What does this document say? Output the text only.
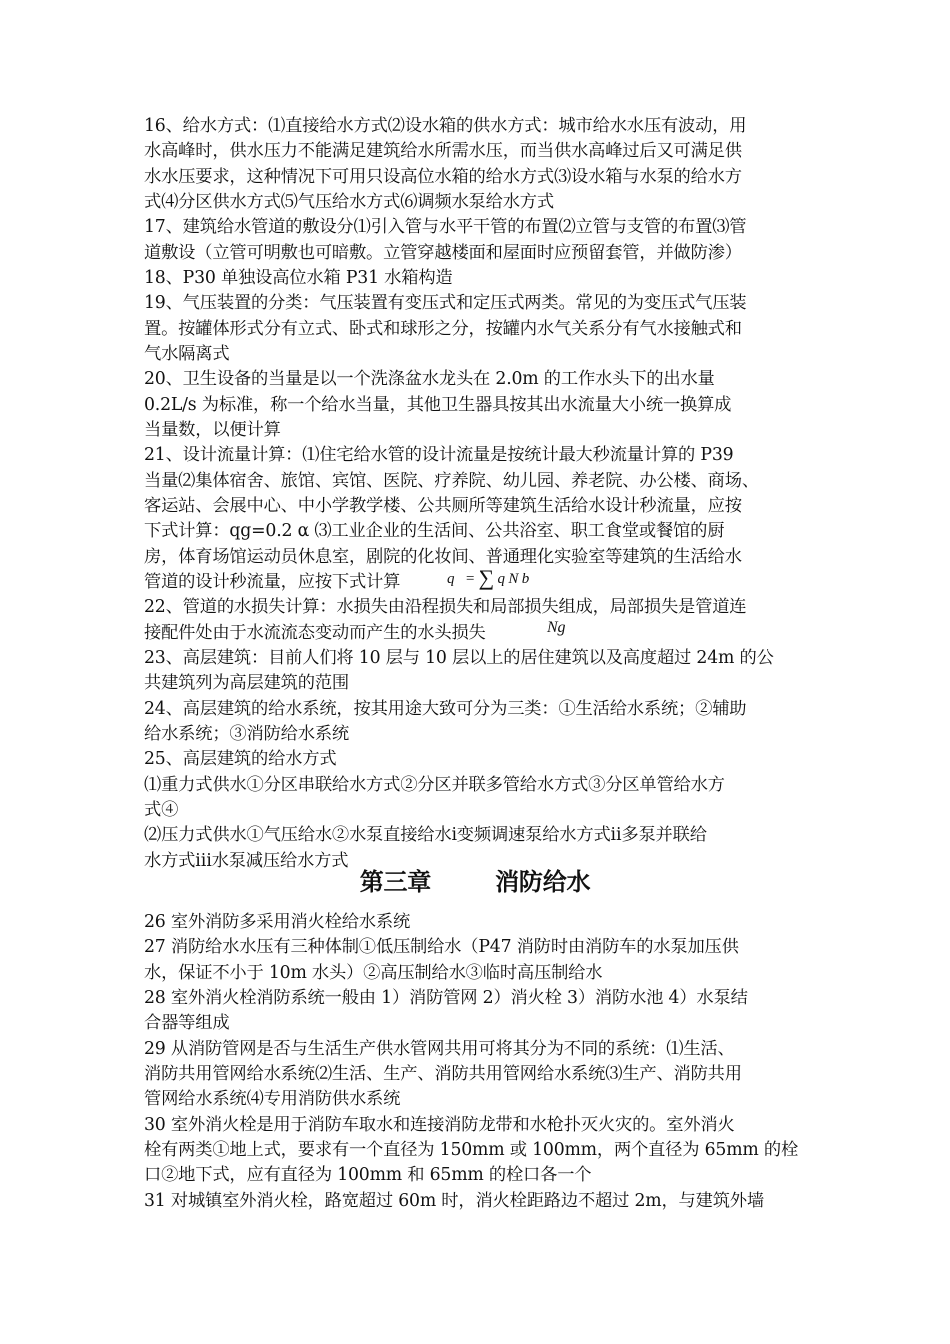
16、给水方式：⑴直接给水方式⑵设水箱的供水方式：城市给水水压有波动，用
水高峰时，供水压力不能满足建筑给水所需水压，而当供水高峰过后又可满足供
水水压要求，这种情况下可用只设高位水箱的给水方式⑶设水箱与水泵的给水方
式⑷分区供水方式⑸气压给水方式⑹调频水泵给水方式
17、建筑给水管道的敷设分⑴引入管与水平干管的布置⑵立管与支管的布置⑶管
道敷设（立管可明敷也可暗敷。立管穿越楼面和屋面时应预留套管，并做防渗）
18、P30 单独设高位水箱 P31 水箱构造
19、气压装置的分类：气压装置有变压式和定压式两类。常见的为变压式气压装
置。按罐体形式分有立式、卧式和球形之分，按罐内水气关系分有气水接触式和
气水隔离式
20、卫生设备的当量是以一个洗涤盆水龙头在 2.0m 的工作水头下的出水量
0.2L/s 为标准，称一个给水当量，其他卫生器具按其出水流量大小统一换算成
当量数，以便计算
21、设计流量计算：⑴住宅给水管的设计流量是按统计最大秒流量计算的 P39
当量⑵集体宿舍、旅馆、宾馆、医院、疗养院、幼儿园、养老院、办公楼、商场、
客运站、会展中心、中小学教学楼、公共厕所等建筑生活给水设计秒流量，应按
下式计算：qg=0.2 α ⑶工业企业的生活间、公共浴室、职工食堂或餐馆的厨
房，体育场馆运动员休息室，剧院的化妆间、普通理化实验室等建筑的生活给水
管道的设计秒流量，应按下式计算
22、管道的水损失计算：水损失由沿程损失和局部损失组成，局部损失是管道连
接配件处由于水流流态变动而产生的水头损失
23、高层建筑：目前人们将 10 层与 10 层以上的居住建筑以及高度超过 24m 的公
共建筑列为高层建筑的范围
24、高层建筑的给水系统，按其用途大致可分为三类：①生活给水系统；②辅助
给水系统；③消防给水系统
25、高层建筑的给水方式
⑴重力式供水①分区串联给水方式②分区并联多管给水方式③分区单管给水方
式④
⑵压力式供水①气压给水②水泵直接给水ⅰ变频调速泵给水方式ⅱ多泵并联给
水方式ⅲ水泵减压给水方式
第三章	消防给水
26 室外消防多采用消火栓给水系统
27 消防给水水压有三种体制①低压制给水（P47 消防时由消防车的水泵加压供
水，保证不小于 10m 水头）②高压制给水③临时高压制给水
28 室外消火栓消防系统一般由 1）消防管网 2）消火栓 3）消防水池 4）水泵结
合器等组成
29 从消防管网是否与生活生产供水管网共用可将其分为不同的系统：⑴生活、
消防共用管网给水系统⑵生活、生产、消防共用管网给水系统⑶生产、消防共用
管网给水系统⑷专用消防供水系统
30 室外消火栓是用于消防车取水和连接消防龙带和水枪扑灭火灾的。室外消火
栓有两类①地上式，要求有一个直径为 150mm 或 100mm，两个直径为 65mm 的栓
口②地下式，应有直径为 100mm 和 65mm 的栓口各一个
31 对城镇室外消火栓，路宽超过 60m 时，消火栓距路边不超过 2m，与建筑外墙
q   = ∑ q N b
Ng
